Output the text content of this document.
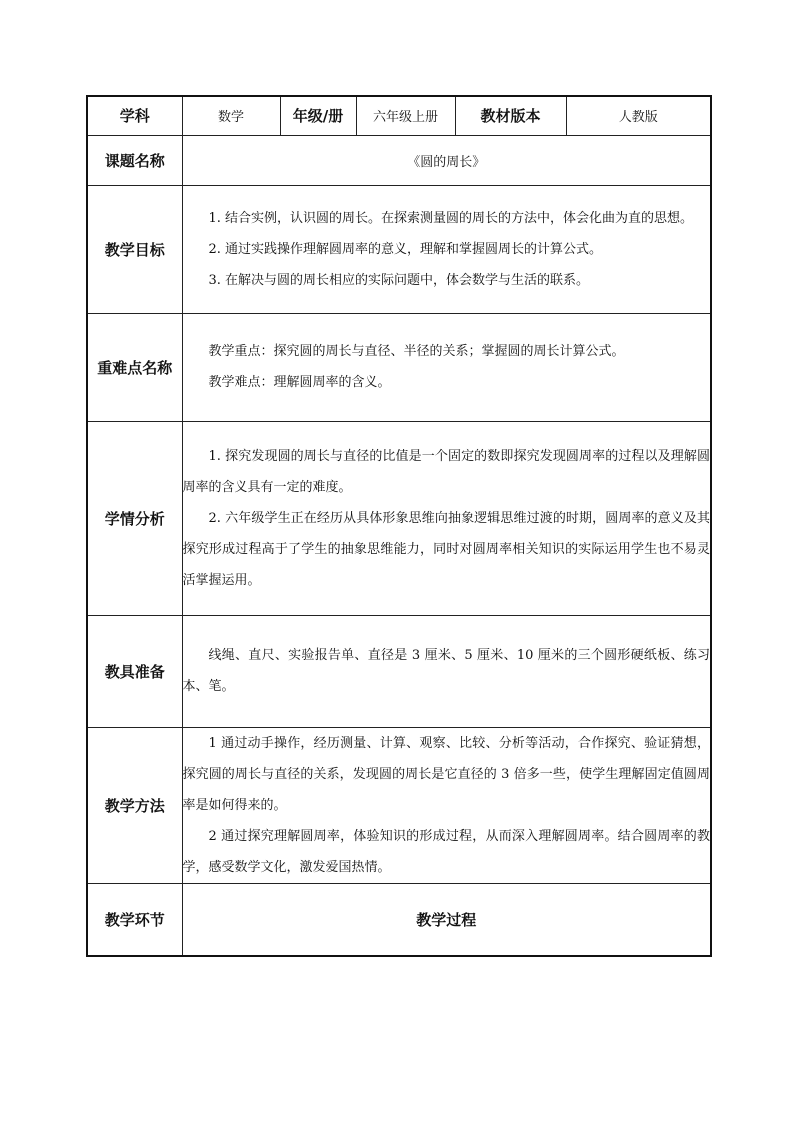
学科	数学	年级/册	六年级上册	教材版本	人教版
课题名称	《圆的周长》				
教学目标	1. 结合实例，认识圆的周长。在探索测量圆的周长的方法中，体会化曲为直的思想。

2. 通过实践操作理解圆周率的意义，理解和掌握圆周长的计算公式。

3. 在解决与圆的周长相应的实际问题中，体会数学与生活的联系。				

重难点名称	教学重点：探究圆的周长与直径、半径的关系；掌握圆的周长计算公式。

教学难点：理解圆周率的含义。				

学情分析	1. 探究发现圆的周长与直径的比值是一个固定的数即探究发现圆周率的过程以及理解圆周率的含义具有一定的难度。

2. 六年级学生正在经历从具体形象思维向抽象逻辑思维过渡的时期，圆周率的意义及其探究形成过程高于了学生的抽象思维能力，同时对圆周率相关知识的实际运用学生也不易灵活掌握运用。				

教具准备	线绳、直尺、实验报告单、直径是 3 厘米、5 厘米、10 厘米的三个圆形硬纸板、练习本、笔。				

教学方法	1 通过动手操作，经历测量、计算、观察、比较、分析等活动，合作探究、验证猜想，探究圆的周长与直径的关系，发现圆的周长是它直径的 3 倍多一些，使学生理解固定值圆周率是如何得来的。

2 通过探究理解圆周率，体验知识的形成过程，从而深入理解圆周率。结合圆周率的教学，感受数学文化，激发爱国热情。				

教学环节	教学过程				
